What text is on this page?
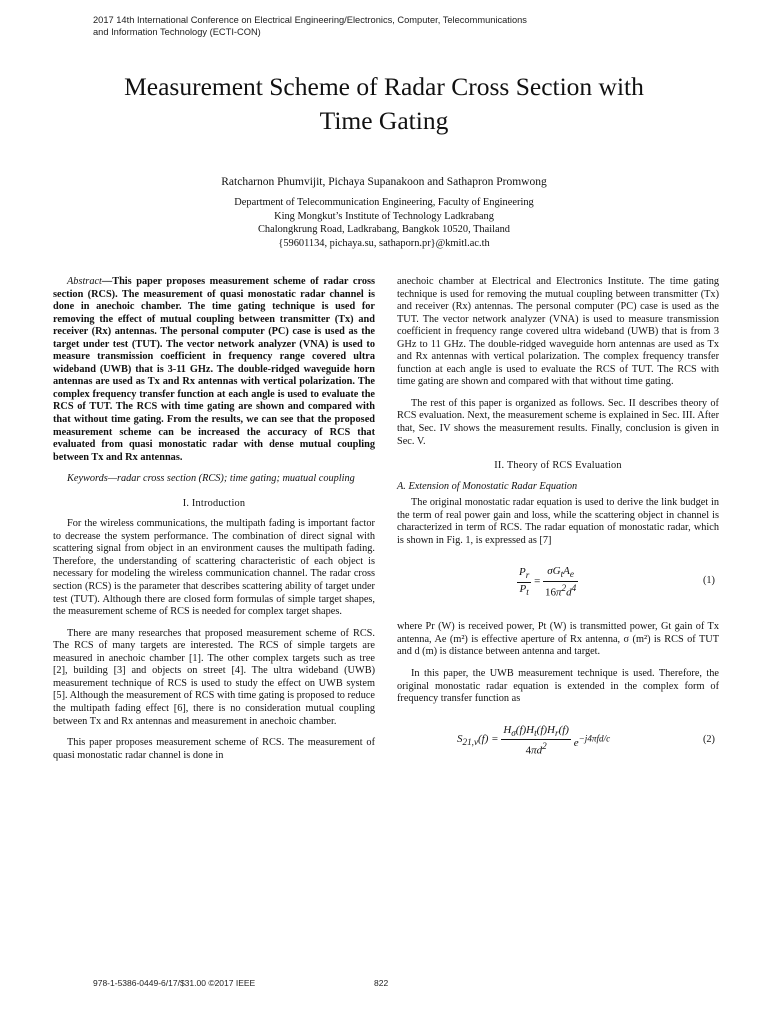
2017 14th International Conference on Electrical Engineering/Electronics, Computer, Telecommunications
and Information Technology (ECTI-CON)
Measurement Scheme of Radar Cross Section with
Time Gating
Ratcharnon Phumvijit, Pichaya Supanakoon and Sathapron Promwong
Department of Telecommunication Engineering, Faculty of Engineering
King Mongkut’s Institute of Technology Ladkrabang
Chalongkrung Road, Ladkrabang, Bangkok 10520, Thailand
{59601134, pichaya.su, sathaporn.pr}@kmitl.ac.th

Abstract—This paper proposes measurement scheme of radar cross section (RCS). The measurement of quasi monostatic radar channel is done in anechoic chamber. The time gating technique is used for removing the effect of mutual coupling between transmitter (Tx) and receiver (Rx) antennas. The personal computer (PC) case is used as the target under test (TUT). The vector network analyzer (VNA) is used to measure transmission coefficient in frequency range covered ultra wideband (UWB) that is 3-11 GHz. The double-ridged waveguide horn antennas are used as Tx and Rx antennas with vertical polarization. The complex frequency transfer function at each angle is used to evaluate the RCS of TUT. The RCS with time gating are shown and compared with that without time gating. From the results, we can see that the proposed measurement scheme can be increased the accuracy of RCS that evaluated from quasi monostatic radar with dense mutual coupling between Tx and Rx antennas.

Keywords—radar cross section (RCS); time gating; muatual coupling

I. Introduction

For the wireless communications, the multipath fading is important factor to decrease the system performance. The combination of direct signal with scattering signal from object in an environment causes the multipath fading. Therefore, the understanding of scattering characteristic of each object is necessary for modeling the wireless communication channel. The radar cross section (RCS) is the parameter that describes scattering ability of target under test (TUT). Although there are closed form formulas of simple target shapes, the measurement scheme of RCS is needed for complex target shapes.

There are many researches that proposed measurement scheme of RCS. The RCS of many targets are interested. The RCS of simple targets are measured in anechoic chamber [1]. The other complex targets such as tree [2], building [3] and objects on street [4]. The ultra wideband (UWB) measurement technique of RCS is used to study the effect on UWB system [5]. Although the measurement of RCS with time gating is proposed to reduce the multipath fading effect [6], there is no consideration mutual coupling between Tx and Rx antennas and measurement in anechoic chamber.

This paper proposes measurement scheme of RCS. The measurement of quasi monostatic radar channel is done in

anechoic chamber at Electrical and Electronics Institute. The time gating technique is used for removing the mutual coupling between transmitter (Tx) and receiver (Rx) antennas. The personal computer (PC) case is used as the TUT. The vector network analyzer (VNA) is used to measure transmission coefficient in frequency range covered ultra wideband (UWB) that is from 3 GHz to 11 GHz. The double-ridged waveguide horn antennas are used as Tx and Rx antennas with vertical polarization. The complex frequency transfer function at each angle is used to evaluate the RCS of TUT. The RCS with time gating are shown and compared with that without time gating.

The rest of this paper is organized as follows. Sec. II describes theory of RCS evaluation. Next, the measurement scheme is explained in Sec. III. After that, Sec. IV shows the measurement results. Finally, conclusion is given in Sec. V.

II. Theory of RCS Evaluation

A. Extension of Monostatic Radar Equation

The original monostatic radar equation is used to derive the link budget in the term of real power gain and loss, while the scattering object in channel is characterized in term of RCS. The radar equation of monostatic radar, which is shown in Fig. 1, is expressed as [7]

$\frac{P_r}{P_t} = \frac{\sigma G_tA_e}{16\pi^2d^4}$	(1)

where Pr (W) is received power, Pt (W) is transmitted power, Gt gain of Tx antenna, Ae (m²) is effective aperture of Rx antenna, σ (m²) is RCS of TUT and d (m) is distance between antenna and target.

In this paper, the UWB measurement technique is used. Therefore, the original monostatic radar equation is extended in the complex form of frequency transfer function as

$S_{21,v}(f) = \frac{H_\sigma(f)H_t(f)H_r(f)}{4\pi d^2} e^{-j4\pi fd/c}$	(2)
978-1-5386-0449-6/17/$31.00 ©2017 IEEE	822
